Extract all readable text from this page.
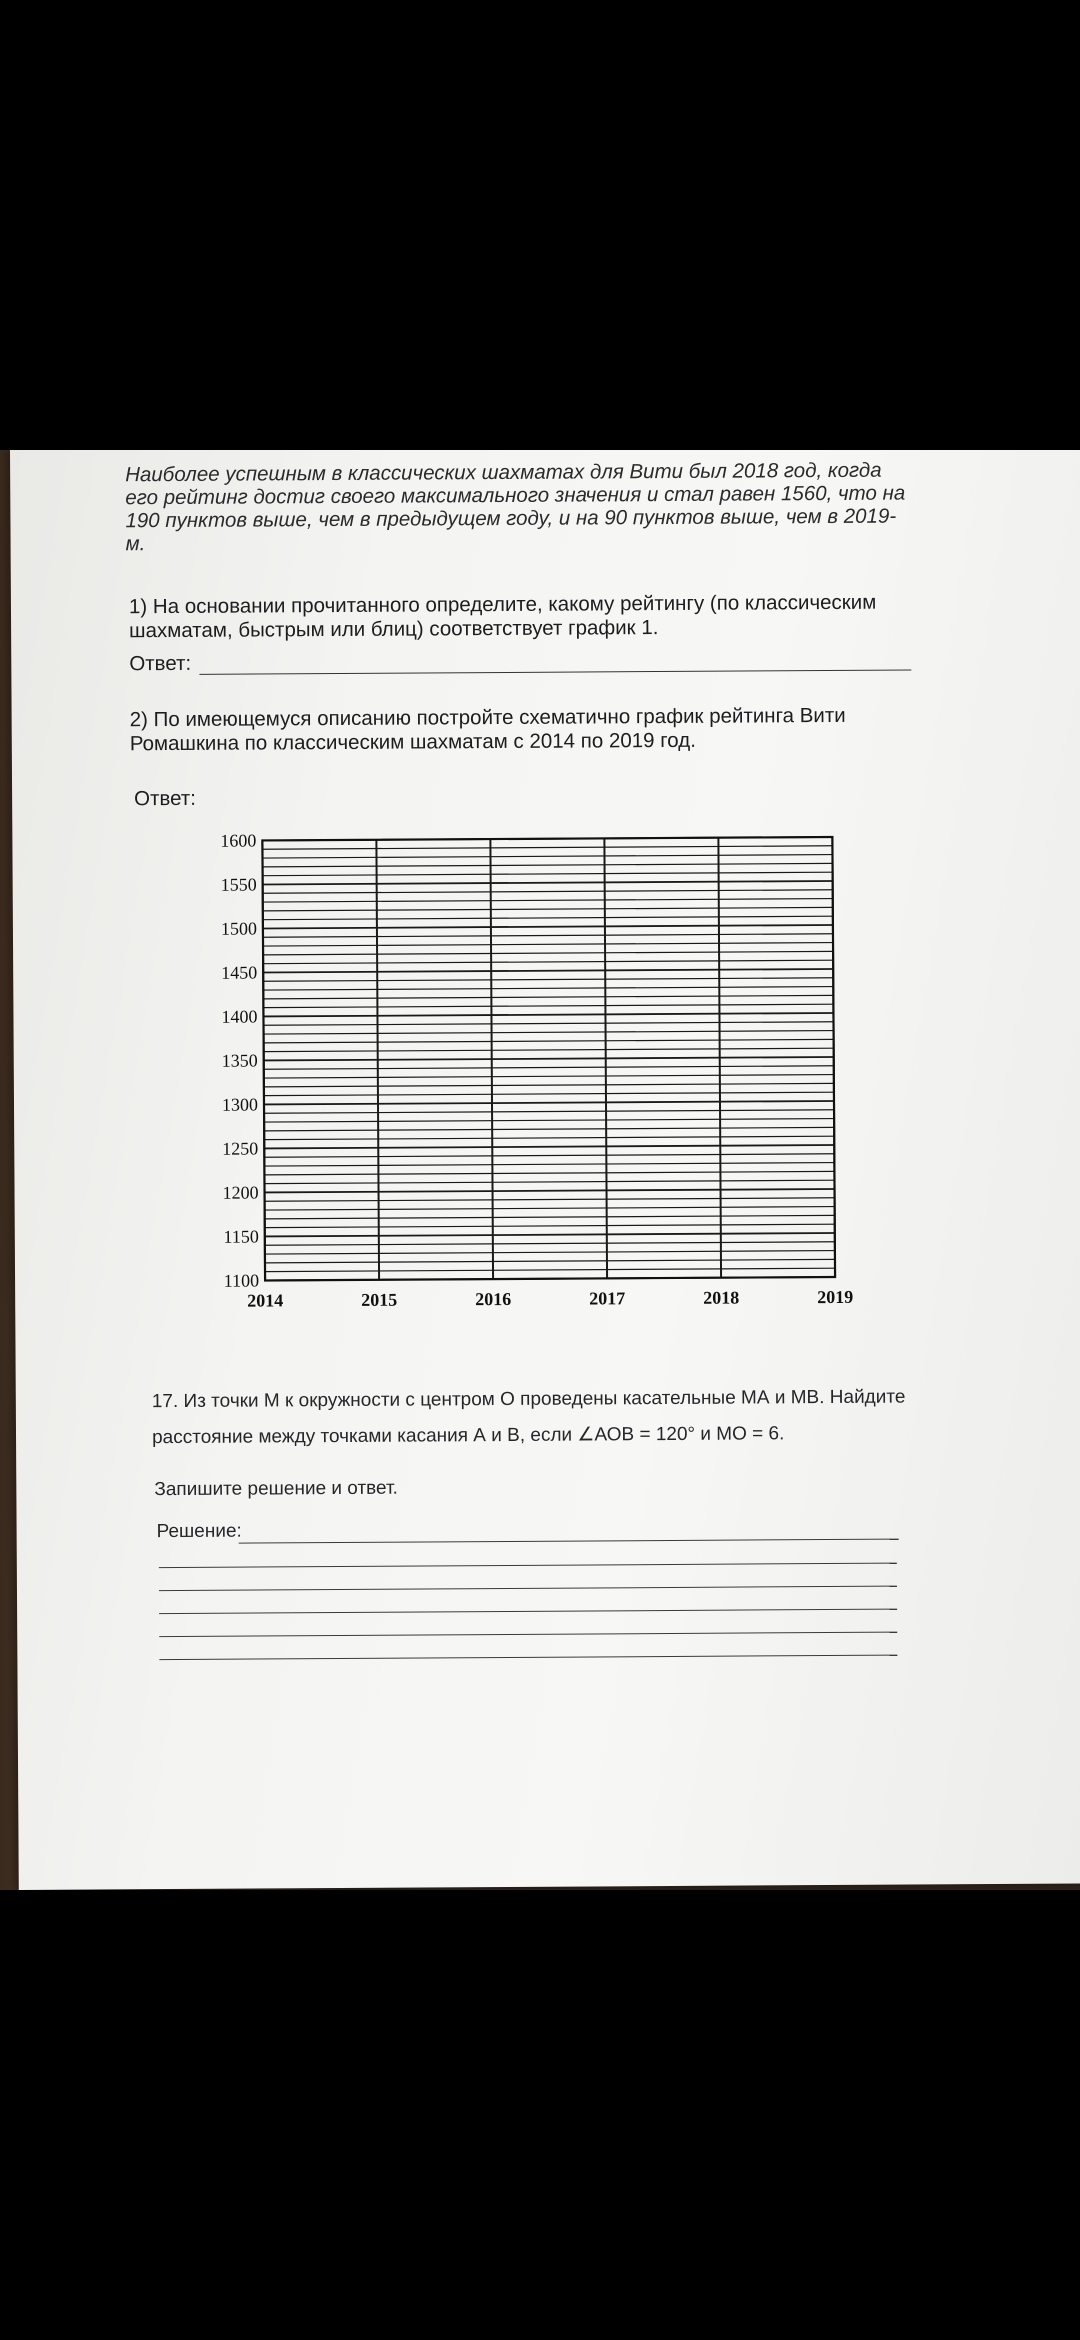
Наиболее успешным в классических шахматах для Вити был 2018 год, когда его рейтинг достиг своего максимального значения и стал равен 1560, что на 190 пунктов выше, чем в предыдущем году, и на 90 пунктов выше, чем в 2019-м.
1) На основании прочитанного определите, какому рейтингу (по классическим шахматам, быстрым или блиц) соответствует график 1.
Ответ:
2) По имеющемуся описанию постройте схематично график рейтинга Вити Ромашкина по классическим шахматам с 2014 по 2019 год.
Ответ:
1600
1550
1500
1450
1400
1350
1300
1250
1200
1150
1100
2014	2015	2016	2017	2018	2019
17. Из точки М к окружности с центром О проведены касательные МА и МВ. Найдите расстояние между точками касания А и В, если ∠АОВ = 120° и МО = 6.
Запишите решение и ответ.
Решение:
